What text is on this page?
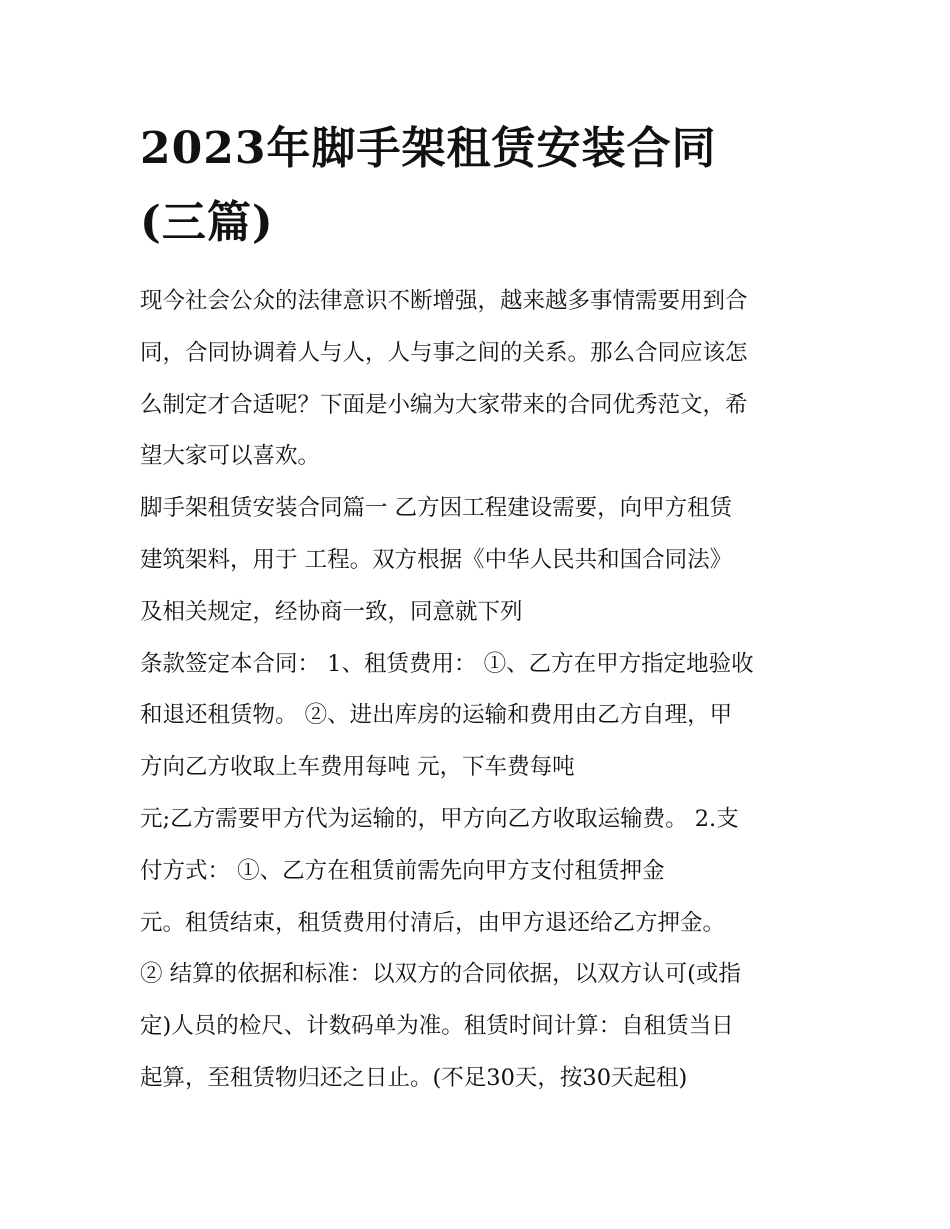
2023年脚手架租赁安装合同
(三篇)
现今社会公众的法律意识不断增强，越来越多事情需要用到合
同，合同协调着人与人，人与事之间的关系。那么合同应该怎
么制定才合适呢？下面是小编为大家带来的合同优秀范文，希
望大家可以喜欢。
脚手架租赁安装合同篇一 乙方因工程建设需要，向甲方租赁
建筑架料，用于 工程。双方根据《中华人民共和国合同法》
及相关规定，经协商一致，同意就下列
条款签定本合同： 1、租赁费用： ①、乙方在甲方指定地验收
和退还租赁物。 ②、进出库房的运输和费用由乙方自理，甲
方向乙方收取上车费用每吨 元，下车费每吨
元;乙方需要甲方代为运输的，甲方向乙方收取运输费。 2.支
付方式： ①、乙方在租赁前需先向甲方支付租赁押金
元。租赁结束，租赁费用付清后，由甲方退还给乙方押金。
② 结算的依据和标准：以双方的合同依据，以双方认可(或指
定)人员的检尺、计数码单为准。租赁时间计算：自租赁当日
起算，至租赁物归还之日止。(不足30天，按30天起租)
